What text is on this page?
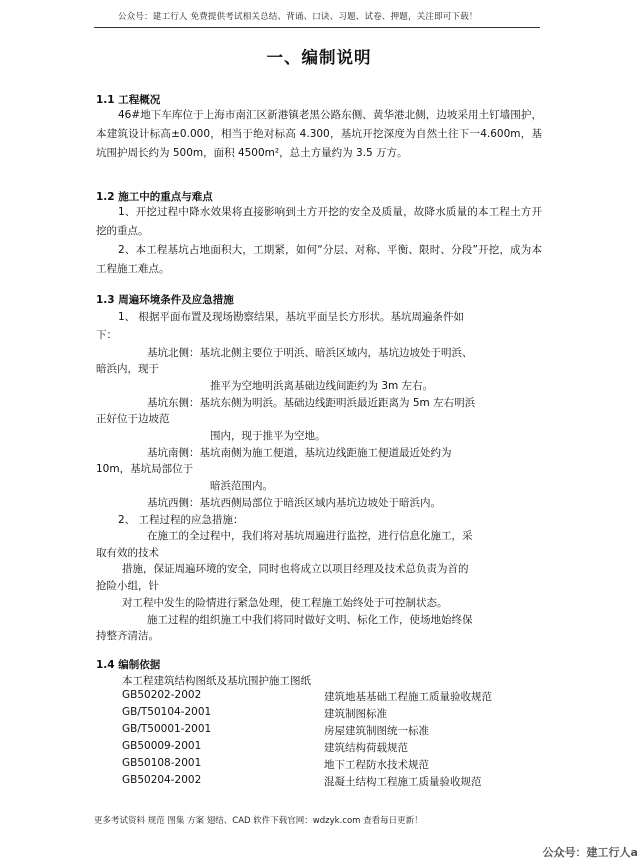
公众号：建工行人 免费提供考试相关总结、背诵、口诀、习题、试卷、押题，关注即可下载！
一、编制说明
1.1 工程概况
46#地下车库位于上海市南汇区新港镇老黑公路东侧、黄华港北侧，边坡采用土钉墙围护，本建筑设计标高±0.000，相当于绝对标高 4.300，基坑开挖深度为自然土往下一4.600m，基坑围护周长约为 500m，面积 4500m²，总土方量约为 3.5 万方。
1.2 施工中的重点与难点
1、开挖过程中降水效果将直接影响到土方开挖的安全及质量，故降水质量的本工程土方开挖的重点。
2、本工程基坑占地面积大，工期紧，如何“分层、对称、平衡、限时、分段”开挖，成为本工程施工难点。
1.3 周遍环境条件及应急措施
1、 根据平面布置及现场勘察结果，基坑平面呈长方形状。基坑周遍条件如
下：
基坑北侧：基坑北侧主要位于明浜、暗浜区域内，基坑边坡处于明浜、
暗浜内，现于
推平为空地明浜离基础边线间距约为 3m 左右。
基坑东侧：基坑东侧为明浜。基础边线距明浜最近距离为 5m 左右明浜
正好位于边坡范
围内，现于推平为空地。
基坑南侧：基坑南侧为施工便道，基坑边线距施工便道最近处约为
10m，基坑局部位于
暗浜范围内。
基坑西侧：基坑西侧局部位于暗浜区域内基坑边坡处于暗浜内。
2、 工程过程的应急措施：
在施工的全过程中，我们将对基坑周遍进行监控，进行信息化施工，采
取有效的技术
措施，保证周遍环境的安全，同时也将成立以项目经理及技术总负责为首的
抢险小组，针
对工程中发生的险情进行紧急处理，使工程施工始终处于可控制状态。
施工过程的组织施工中我们将同时做好文明、标化工作，使场地始终保
持整齐清洁。
1.4 编制依据
本工程建筑结构图纸及基坑围护施工图纸
GB50202-2002	建筑地基基础工程施工质量验收规范
GB/T50104-2001	建筑制图标准
GB/T50001-2001	房屋建筑制图统一标准
GB50009-2001	建筑结构荷载规范
GB50108-2001	地下工程防水技术规范
GB50204-2002	混凝土结构工程施工质量验收规范
更多考试资料 规范 图集 方案 翅结、CAD 软件下载官网：wdzyk.com 查看每日更新！
公众号：建工行人a
